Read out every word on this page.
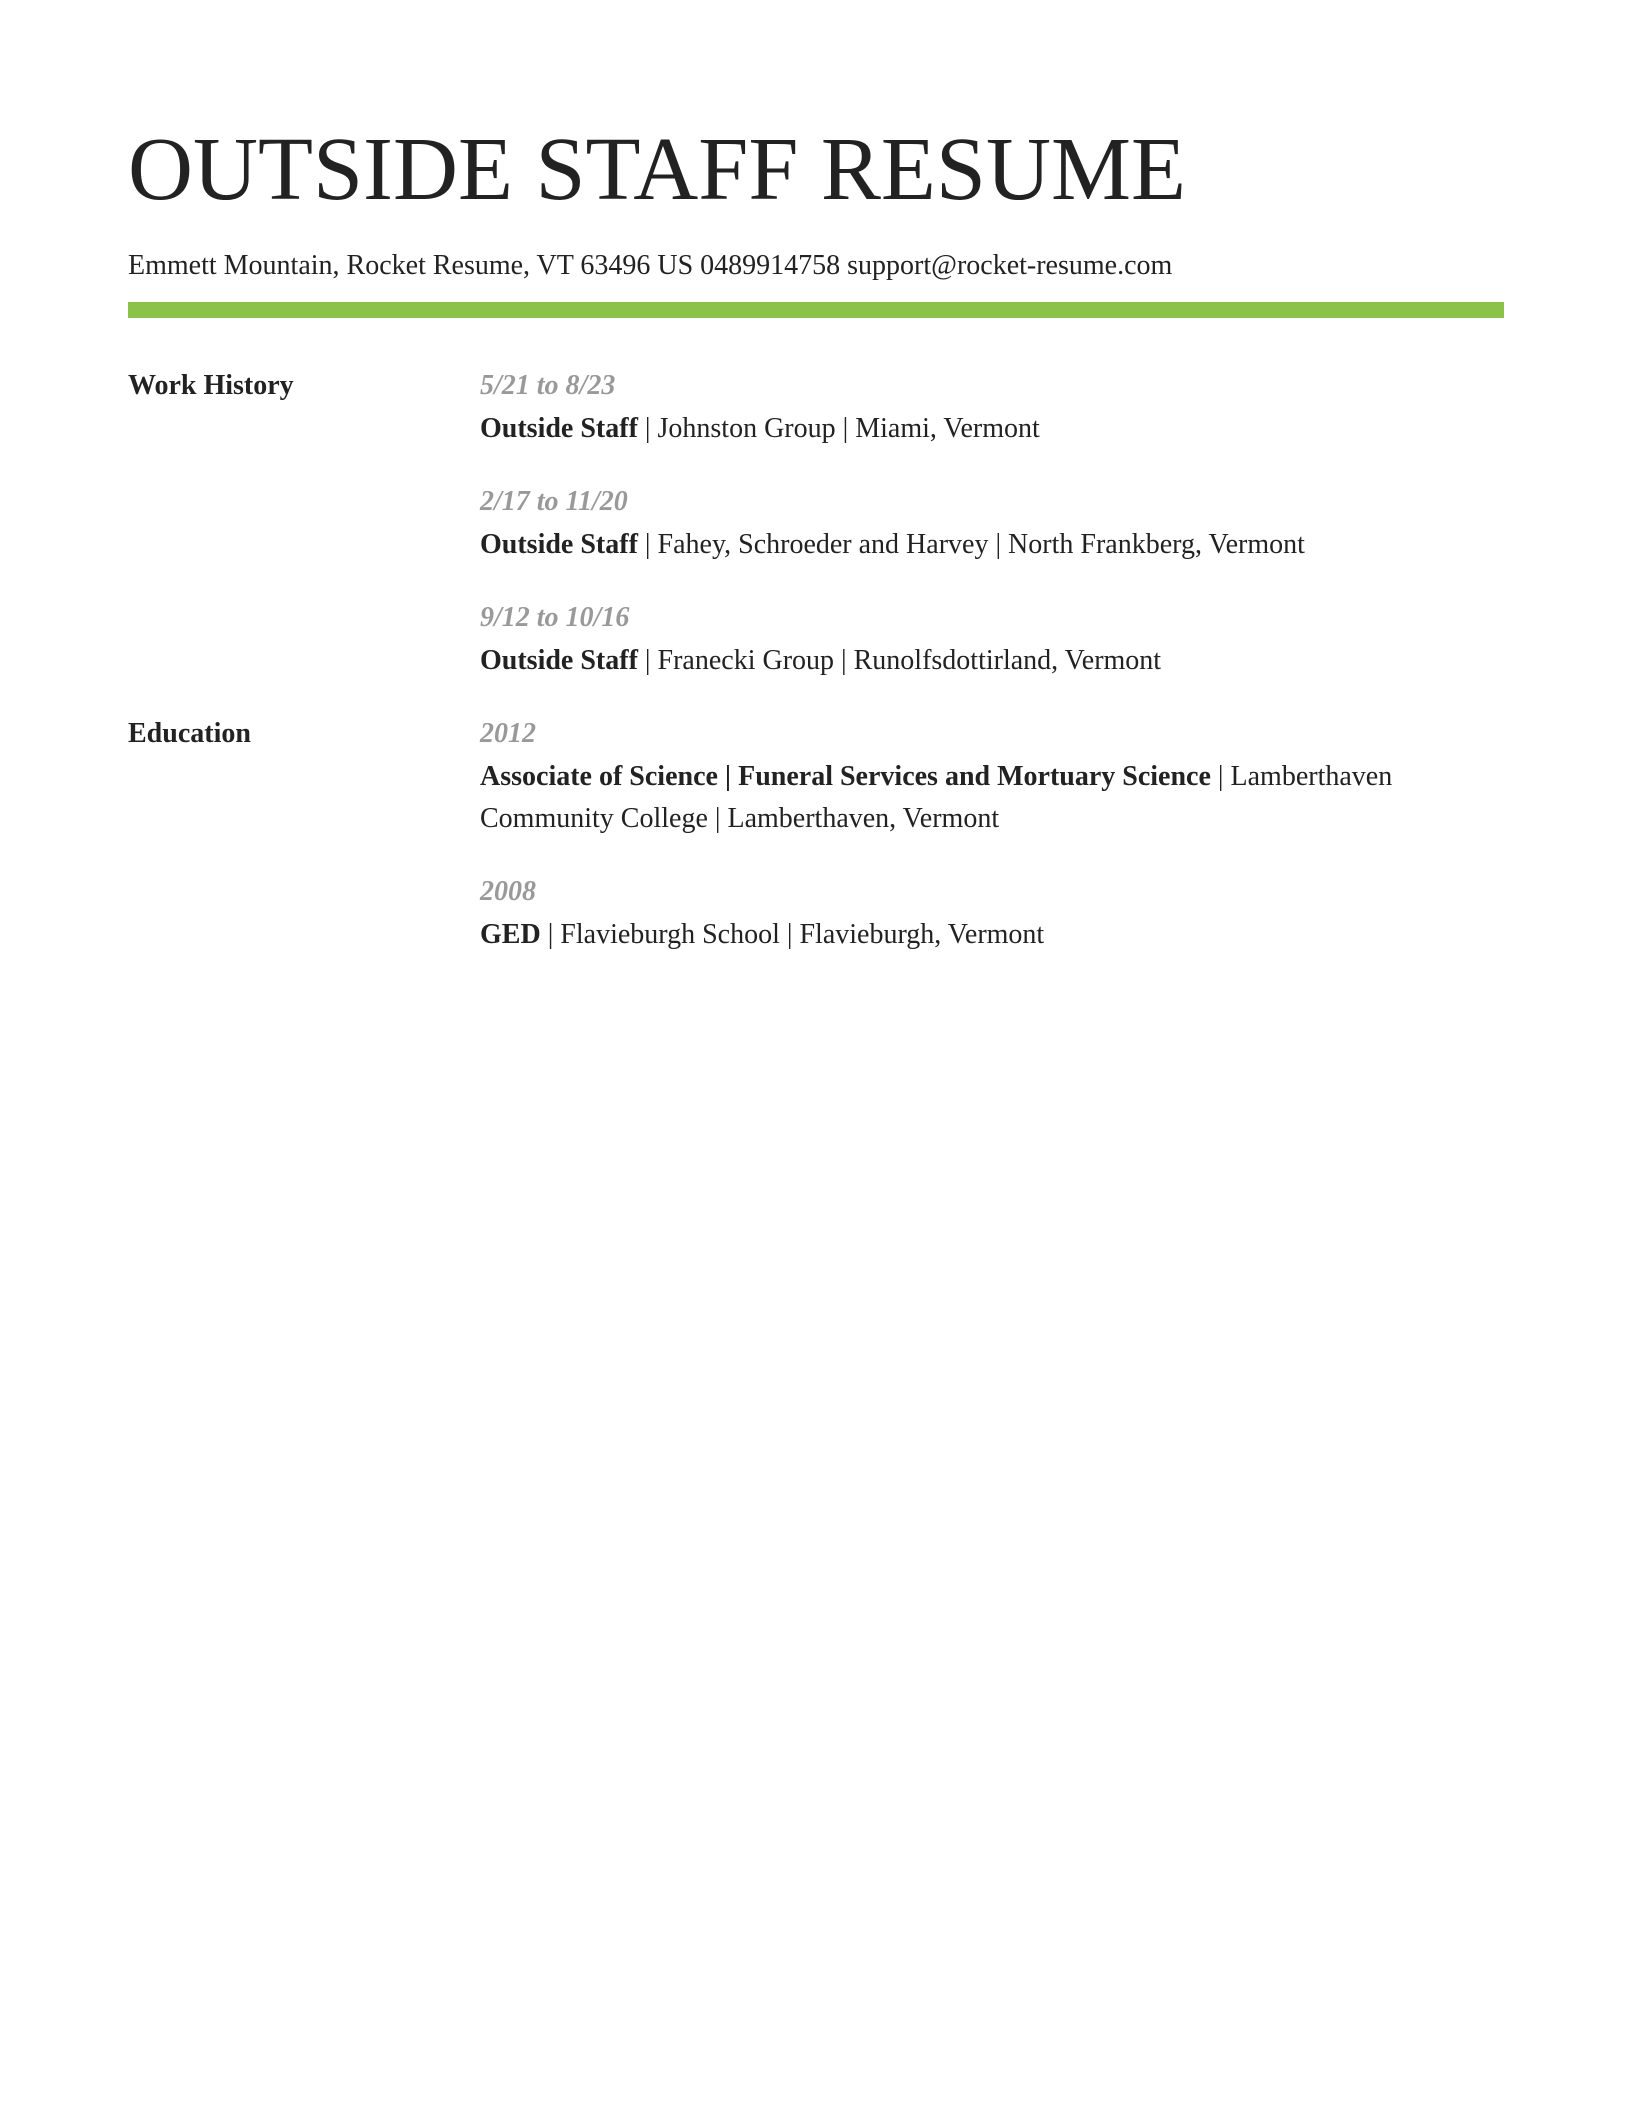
OUTSIDE STAFF RESUME
Emmett Mountain, Rocket Resume, VT 63496 US 0489914758 support@rocket-resume.com
Work History	5/21 to 8/23
Outside Staff | Johnston Group | Miami, Vermont
2/17 to 11/20
Outside Staff | Fahey, Schroeder and Harvey | North Frankberg, Vermont
9/12 to 10/16
Outside Staff | Franecki Group | Runolfsdottirland, Vermont
Education	2012
Associate of Science | Funeral Services and Mortuary Science | Lamberthaven Community College | Lamberthaven, Vermont
2008
GED | Flavieburgh School | Flavieburgh, Vermont
